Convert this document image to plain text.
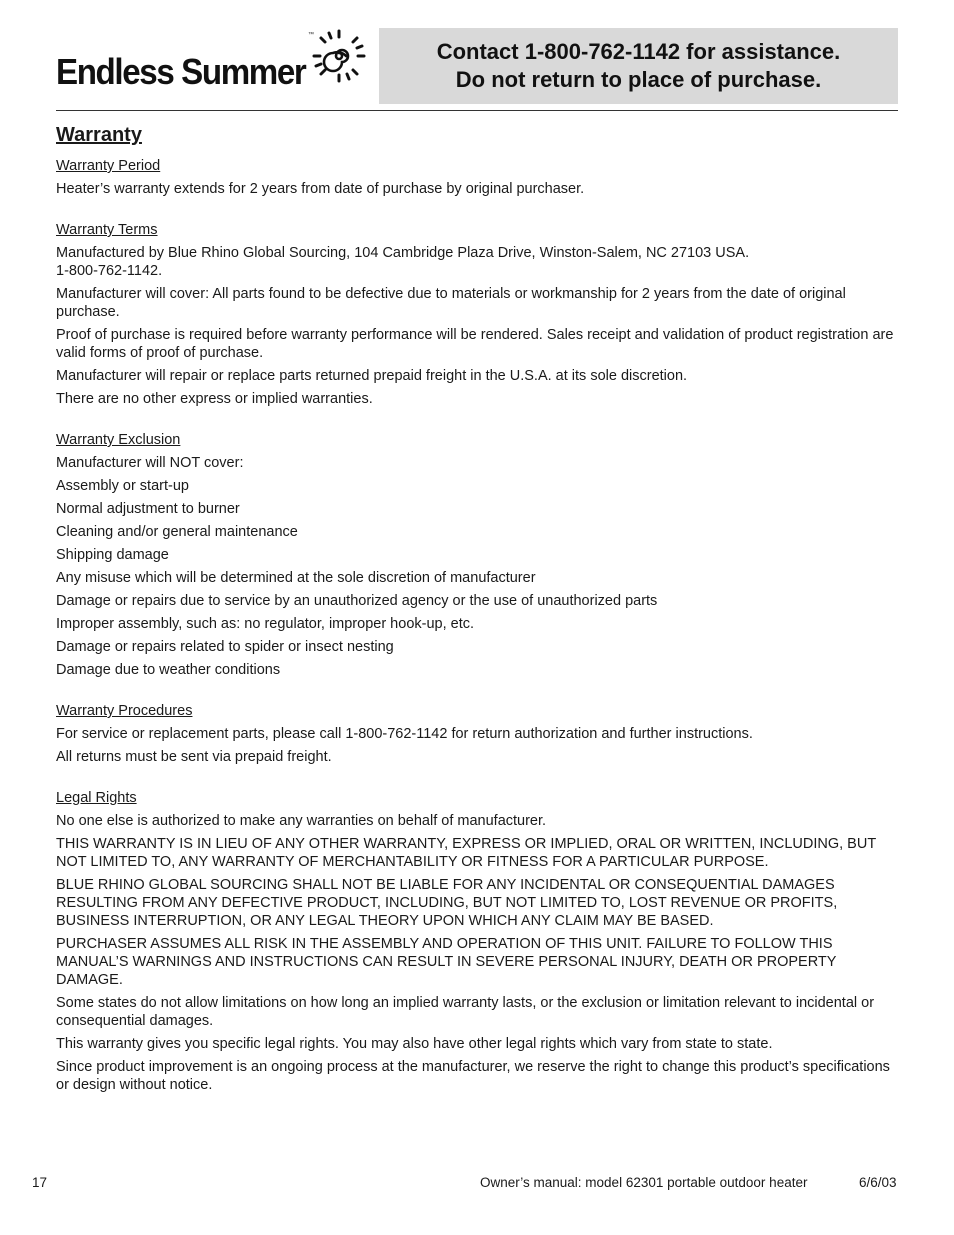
Endless Summer
™
Contact 1-800-762-1142 for assistance.
Do not return to place of purchase.
Warranty
Warranty Period
Heater’s warranty extends for 2 years from date of purchase by original purchaser.
Warranty Terms
Manufactured by Blue Rhino Global Sourcing, 104 Cambridge Plaza Drive, Winston-Salem, NC 27103 USA.
1-800-762-1142.
Manufacturer will cover: All parts found to be defective due to materials or workmanship for 2 years from the date of original purchase.
Proof of purchase is required before warranty performance will be rendered. Sales receipt and validation of product registration are valid forms of proof of purchase.
Manufacturer will repair or replace parts returned prepaid freight in the U.S.A. at its sole discretion.
There are no other express or implied warranties.
Warranty Exclusion
Manufacturer will NOT cover:
Assembly or start-up
Normal adjustment to burner
Cleaning and/or general maintenance
Shipping damage
Any misuse which will be determined at the sole discretion of manufacturer
Damage or repairs due to service by an unauthorized agency or the use of unauthorized parts
Improper assembly, such as: no regulator, improper hook-up, etc.
Damage or repairs related to spider or insect nesting
Damage due to weather conditions
Warranty Procedures
For service or replacement parts, please call 1-800-762-1142 for return authorization and further instructions.
All returns must be sent via prepaid freight.
Legal Rights
No one else is authorized to make any warranties on behalf of manufacturer.
THIS WARRANTY IS IN LIEU OF ANY OTHER WARRANTY, EXPRESS OR IMPLIED, ORAL OR WRITTEN, INCLUDING, BUT NOT LIMITED TO, ANY WARRANTY OF MERCHANTABILITY OR FITNESS FOR A PARTICULAR PURPOSE.
BLUE RHINO GLOBAL SOURCING SHALL NOT BE LIABLE FOR ANY INCIDENTAL OR CONSEQUENTIAL DAMAGES RESULTING FROM ANY DEFECTIVE PRODUCT, INCLUDING, BUT NOT LIMITED TO, LOST REVENUE OR PROFITS, BUSINESS INTERRUPTION, OR ANY LEGAL THEORY UPON WHICH ANY CLAIM MAY BE BASED.
PURCHASER ASSUMES ALL RISK IN THE ASSEMBLY AND OPERATION OF THIS UNIT. FAILURE TO FOLLOW THIS MANUAL’S WARNINGS AND INSTRUCTIONS CAN RESULT IN SEVERE PERSONAL INJURY, DEATH OR PROPERTY DAMAGE.
Some states do not allow limitations on how long an implied warranty lasts, or the exclusion or limitation relevant to incidental or consequential damages.
This warranty gives you specific legal rights. You may also have other legal rights which vary from state to state.
Since product improvement is an ongoing process at the manufacturer, we reserve the right to change this product’s specifications or design without notice.
17	Owner’s manual: model 62301 portable outdoor heater	6/6/03
